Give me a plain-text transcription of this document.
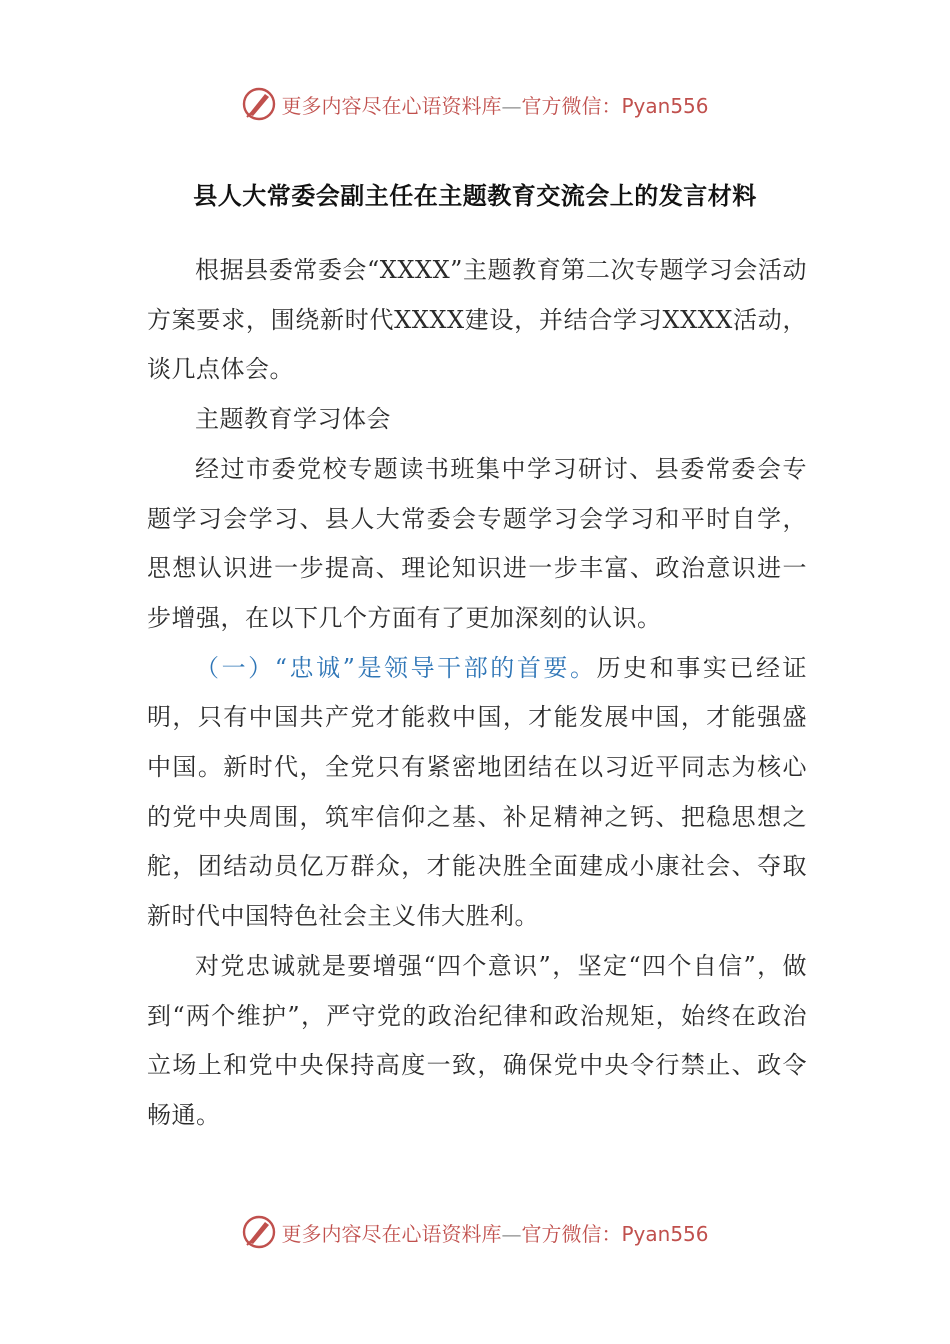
更多内容尽在心语资料库—官方微信：Pyan556
县人大常委会副主任在主题教育交流会上的发言材料

根据县委常委会“XXXX”主题教育第二次专题学习会活动方案要求，围绕新时代XXXX建设，并结合学习XXXX活动，谈几点体会。

主题教育学习体会

经过市委党校专题读书班集中学习研讨、县委常委会专题学习会学习、县人大常委会专题学习会学习和平时自学，思想认识进一步提高、理论知识进一步丰富、政治意识进一步增强，在以下几个方面有了更加深刻的认识。

（一）“忠诚”是领导干部的首要。历史和事实已经证明，只有中国共产党才能救中国，才能发展中国，才能强盛中国。新时代，全党只有紧密地团结在以习近平同志为核心的党中央周围，筑牢信仰之基、补足精神之钙、把稳思想之舵，团结动员亿万群众，才能决胜全面建成小康社会、夺取新时代中国特色社会主义伟大胜利。

对党忠诚就是要增强“四个意识”，坚定“四个自信”，做到“两个维护”，严守党的政治纪律和政治规矩，始终在政治立场上和党中央保持高度一致，确保党中央令行禁止、政令畅通。

更多内容尽在心语资料库—官方微信：Pyan556
